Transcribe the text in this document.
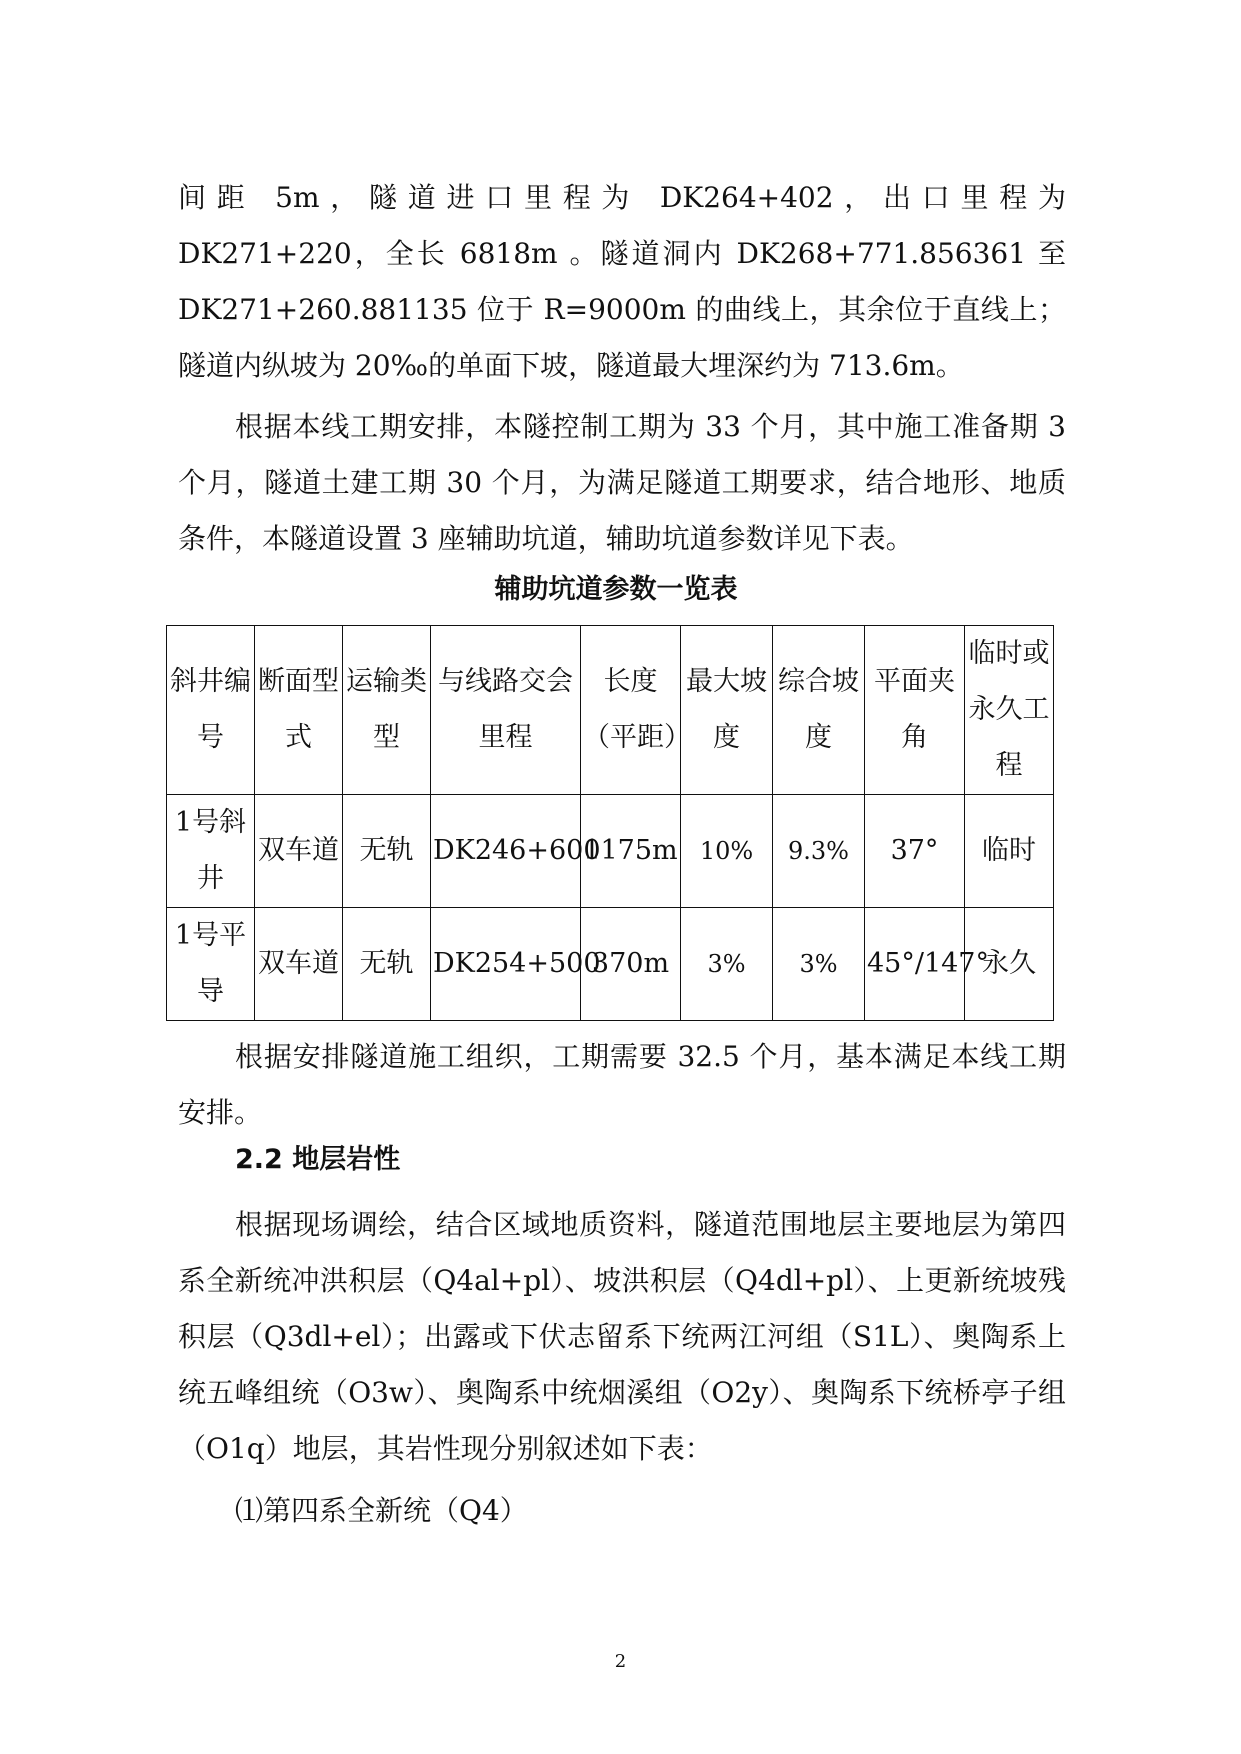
间距 5m，隧道进口里程为 DK264+402，出口里程为 DK271+220，全长 6818m 。隧道洞内 DK268+771.856361 至 DK271+260.881135 位于 R=9000m 的曲线上，其余位于直线上；隧道内纵坡为 20‰的单面下坡，隧道最大埋深约为 713.6m。

根据本线工期安排，本隧控制工期为 33 个月，其中施工准备期 3 个月，隧道土建工期 30 个月，为满足隧道工期要求，结合地形、地质条件，本隧道设置 3 座辅助坑道，辅助坑道参数详见下表。

辅助坑道参数一览表
斜井编号	断面型式	运输类型	与线路交会里程	长度（平距）	最大坡度	综合坡度	平面夹角	临时或永久工程
1号斜井	双车道	无轨	DK246+600	1175m	10%	9.3%	37°	临时
1号平导	双车道	无轨	DK254+500	370m	3%	3%	45°/147°	永久

根据安排隧道施工组织，工期需要 32.5 个月，基本满足本线工期安排。

2.2 地层岩性

根据现场调绘，结合区域地质资料，隧道范围地层主要地层为第四系全新统冲洪积层（Q4al+pl）、坡洪积层（Q4dl+pl）、上更新统坡残积层（Q3dl+el）；出露或下伏志留系下统两江河组（S1L）、奥陶系上统五峰组统（O3w）、奥陶系中统烟溪组（O2y）、奥陶系下统桥亭子组（O1q）地层，其岩性现分别叙述如下表：

⑴第四系全新统（Q4）

2
